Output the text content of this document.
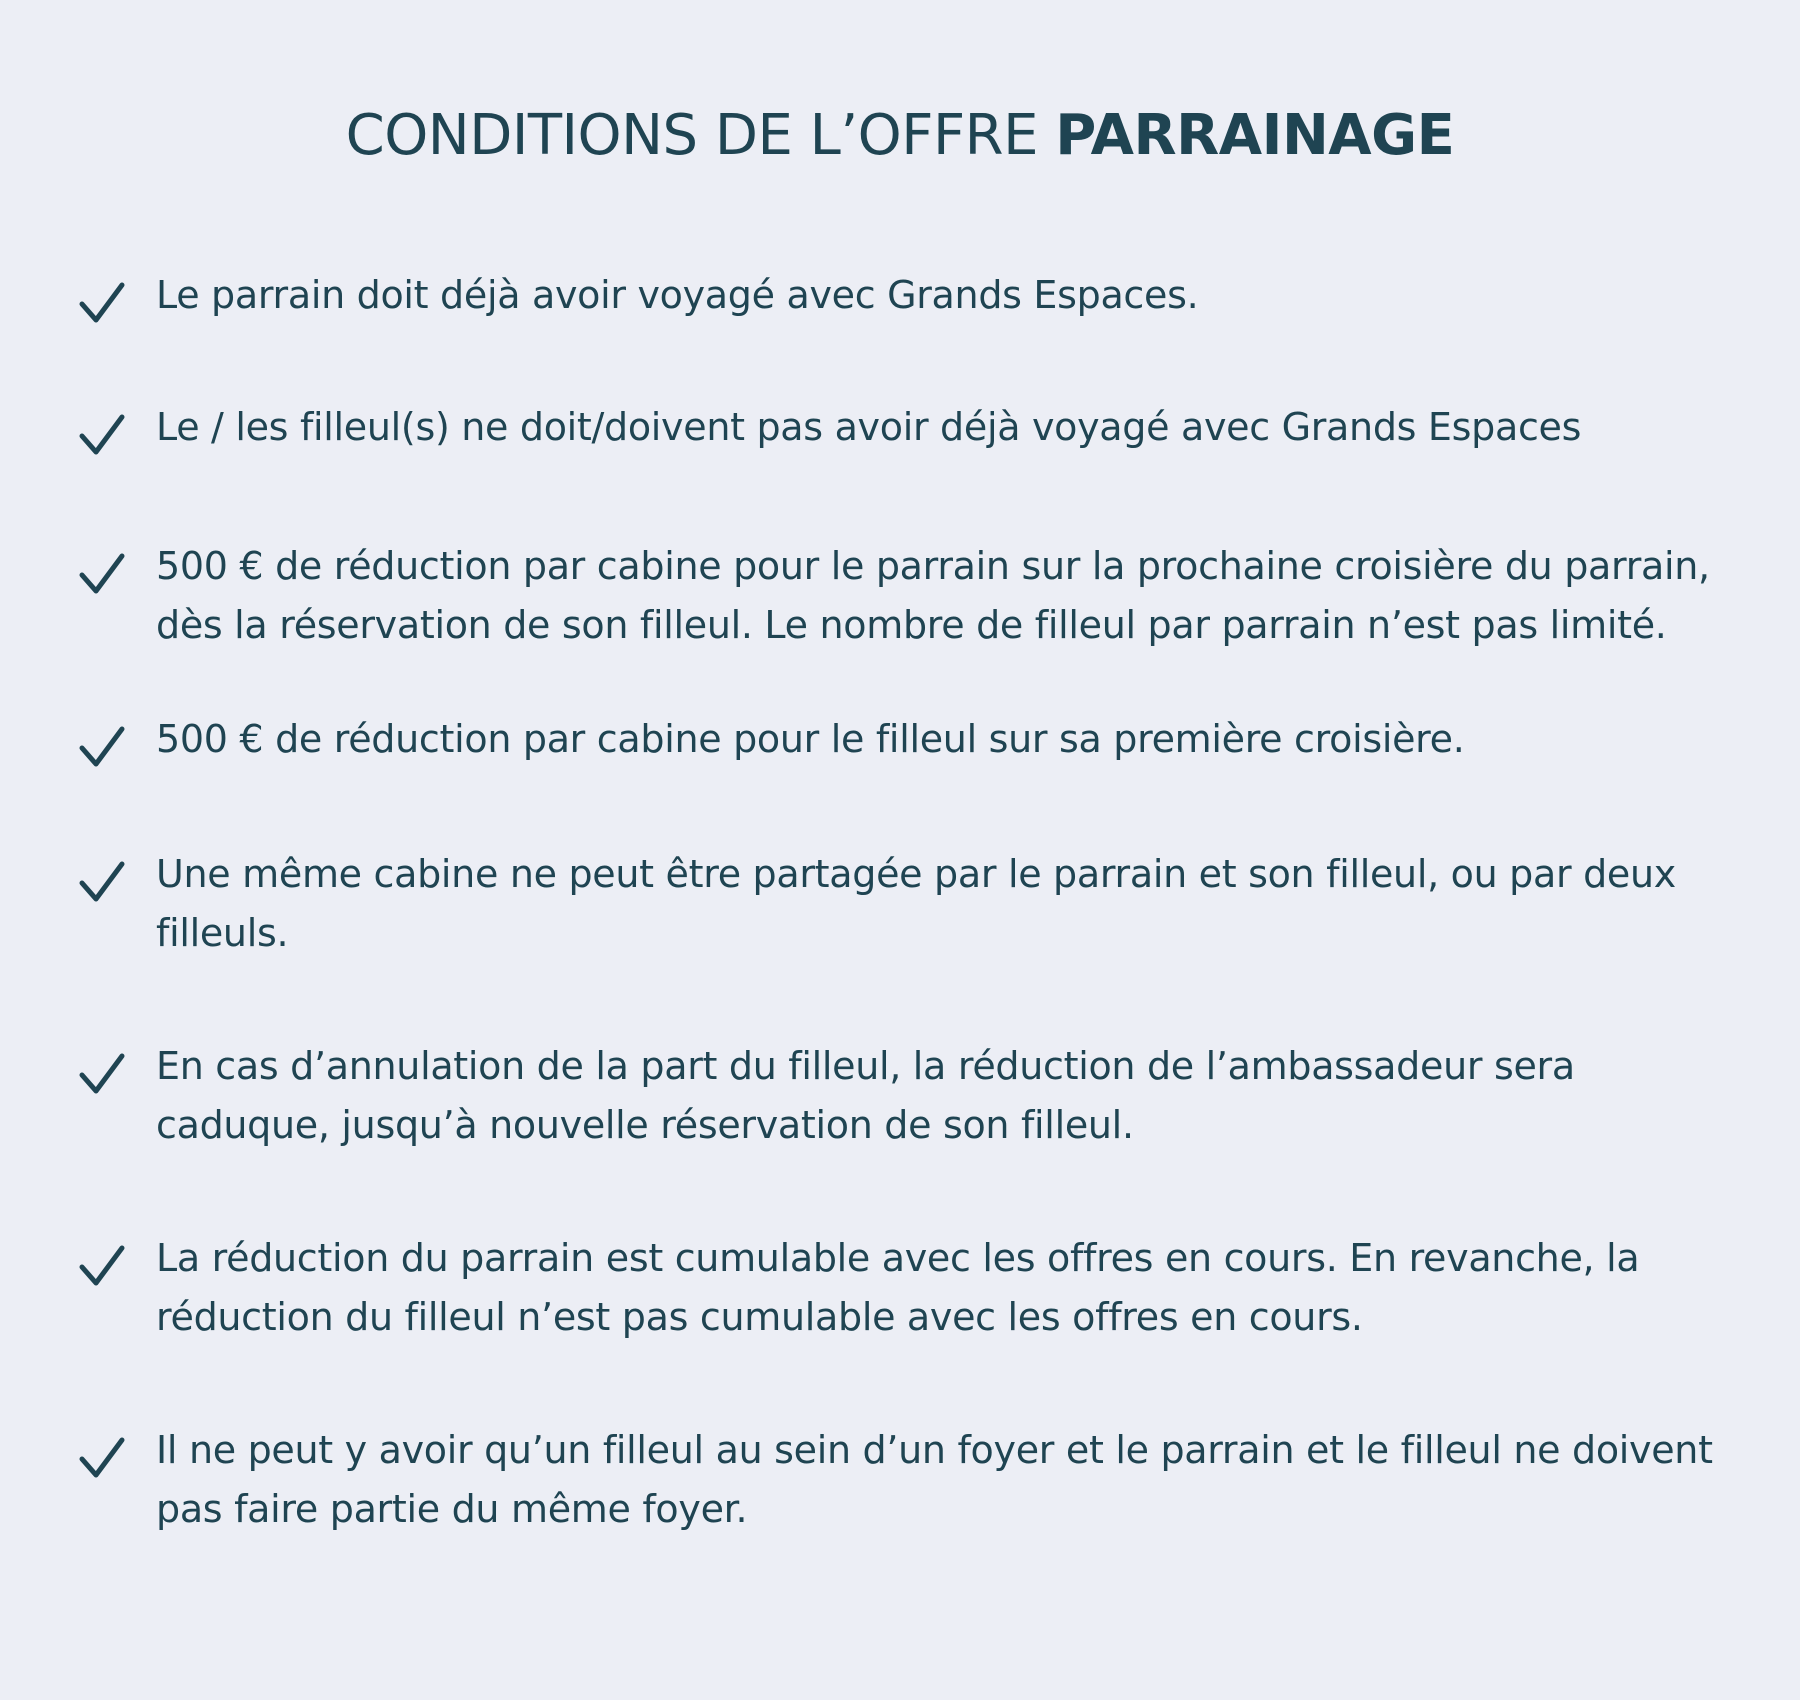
CONDITIONS DE L’OFFRE PARRAINAGE

Le parrain doit déjà avoir voyagé avec Grands Espaces.

Le / les filleul(s) ne doit/doivent pas avoir déjà voyagé avec Grands Espaces

500 € de réduction par cabine pour le parrain sur la prochaine croisière du parrain, dès la réservation de son filleul. Le nombre de filleul par parrain n’est pas limité.

500 € de réduction par cabine pour le filleul sur sa première croisière.

Une même cabine ne peut être partagée par le parrain et son filleul, ou par deux filleuls.

En cas d’annulation de la part du filleul, la réduction de l’ambassadeur sera caduque, jusqu’à nouvelle réservation de son filleul.

La réduction du parrain est cumulable avec les offres en cours. En revanche, la réduction du filleul n’est pas cumulable avec les offres en cours.

Il ne peut y avoir qu’un filleul au sein d’un foyer et le parrain et le filleul ne doivent pas faire partie du même foyer.
